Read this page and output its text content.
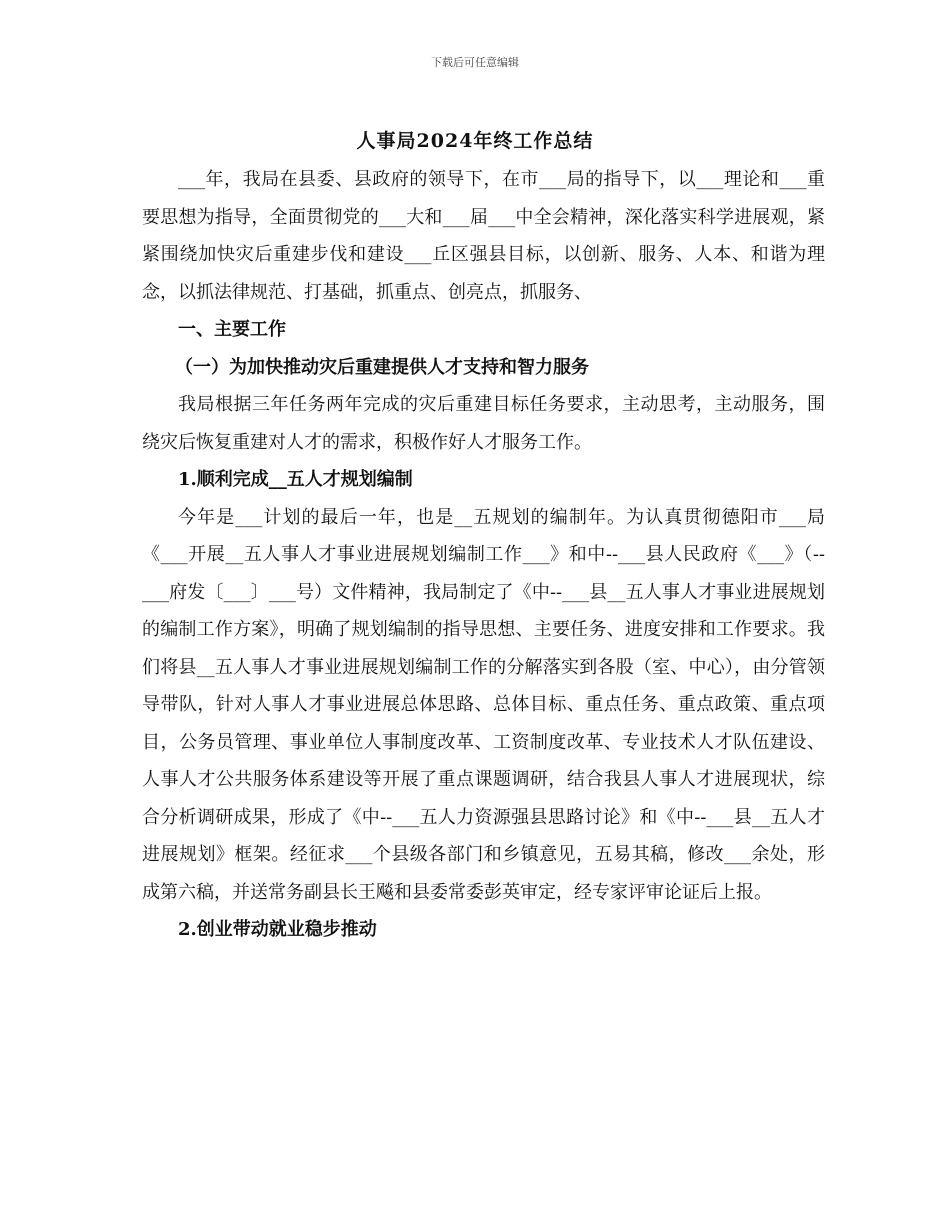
下载后可任意编辑
人事局2024年终工作总结

___年，我局在县委、县政府的领导下，在市___局的指导下，以___理论和___重要思想为指导，全面贯彻党的___大和___届___中全会精神，深化落实科学进展观，紧紧围绕加快灾后重建步伐和建设___丘区强县目标，以创新、服务、人本、和谐为理念，以抓法律规范、打基础，抓重点、创亮点，抓服务、

一、主要工作

（一）为加快推动灾后重建提供人才支持和智力服务

我局根据三年任务两年完成的灾后重建目标任务要求，主动思考，主动服务，围绕灾后恢复重建对人才的需求，积极作好人才服务工作。

1.顺利完成__五人才规划编制

今年是___计划的最后一年，也是__五规划的编制年。为认真贯彻德阳市___局《___开展__五人事人才事业进展规划编制工作___》和中--___县人民政府《___》（--___府发〔___〕___号）文件精神，我局制定了《中--___县__五人事人才事业进展规划的编制工作方案》，明确了规划编制的指导思想、主要任务、进度安排和工作要求。我们将县__五人事人才事业进展规划编制工作的分解落实到各股（室、中心），由分管领导带队，针对人事人才事业进展总体思路、总体目标、重点任务、重点政策、重点项目，公务员管理、事业单位人事制度改革、工资制度改革、专业技术人才队伍建设、人事人才公共服务体系建设等开展了重点课题调研，结合我县人事人才进展现状，综合分析调研成果，形成了《中--___五人力资源强县思路讨论》和《中--___县__五人才进展规划》框架。经征求___个县级各部门和乡镇意见，五易其稿，修改___余处，形成第六稿，并送常务副县长王飚和县委常委彭英审定，经专家评审论证后上报。

2.创业带动就业稳步推动
